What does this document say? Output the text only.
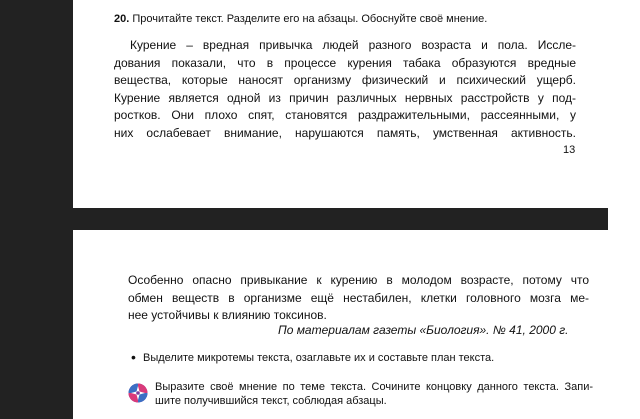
20. Прочитайте текст. Разделите его на абзацы. Обоснуйте своё мнение.
Курение – вредная привычка людей разного возраста и пола. Иссле-
дования показали, что в процессе курения табака образуются вредные
вещества, которые наносят организму физический и психический ущерб.
Курение является одной из причин различных нервных расстройств у под-
ростков. Они плохо спят, становятся раздражительными, рассеянными, у
них ослабевает внимание, нарушаются память, умственная активность.
13
Особенно опасно привыкание к курению в молодом возрасте, потому что
обмен веществ в организме ещё нестабилен, клетки головного мозга ме-
нее устойчивы к влиянию токсинов.
По материалам газеты «Биология». № 41, 2000 г.
• Выделите микротемы текста, озаглавьте их и составьте план текста.
Выразите своё мнение по теме текста. Сочините концовку данного текста. Запи-
шите получившийся текст, соблюдая абзацы.
